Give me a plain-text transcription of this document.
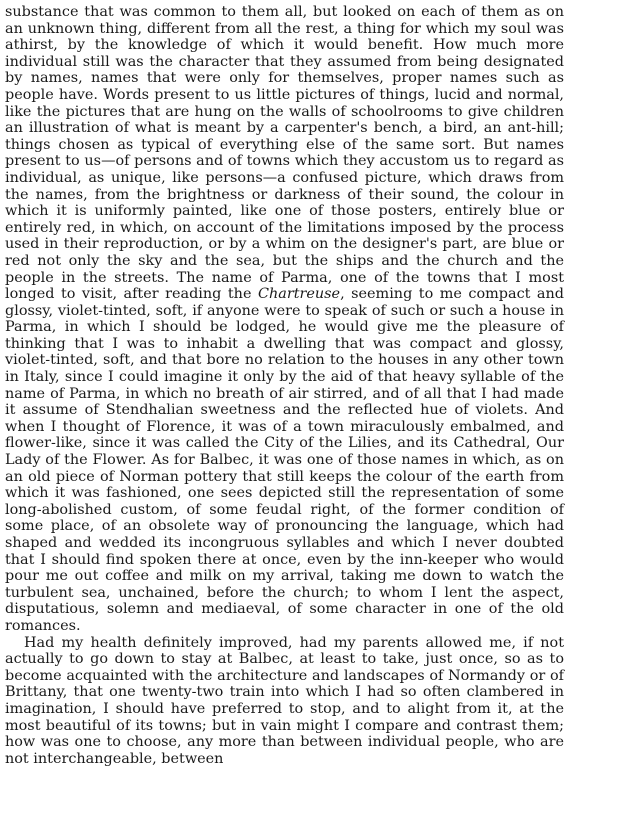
substance that was common to them all, but looked on each of them as on an unknown thing, different from all the rest, a thing for which my soul was athirst, by the knowledge of which it would benefit. How much more individual still was the character that they assumed from being designated by names, names that were only for themselves, proper names such as people have. Words present to us little pictures of things, lucid and normal, like the pictures that are hung on the walls of schoolrooms to give children an illustration of what is meant by a carpenter's bench, a bird, an ant-hill; things chosen as typical of everything else of the same sort. But names present to us—of persons and of towns which they accustom us to regard as individual, as unique, like persons—a confused picture, which draws from the names, from the brightness or darkness of their sound, the colour in which it is uniformly painted, like one of those posters, entirely blue or entirely red, in which, on account of the limitations imposed by the process used in their reproduction, or by a whim on the designer's part, are blue or red not only the sky and the sea, but the ships and the church and the people in the streets. The name of Parma, one of the towns that I most longed to visit, after reading the Chartreuse, seeming to me compact and glossy, violet-tinted, soft, if anyone were to speak of such or such a house in Parma, in which I should be lodged, he would give me the pleasure of thinking that I was to inhabit a dwelling that was compact and glossy, violet-tinted, soft, and that bore no relation to the houses in any other town in Italy, since I could imagine it only by the aid of that heavy syllable of the name of Parma, in which no breath of air stirred, and of all that I had made it assume of Stendhalian sweetness and the reflected hue of violets. And when I thought of Florence, it was of a town miraculously embalmed, and flower-like, since it was called the City of the Lilies, and its Cathedral, Our Lady of the Flower. As for Balbec, it was one of those names in which, as on an old piece of Norman pottery that still keeps the colour of the earth from which it was fashioned, one sees depicted still the representation of some long-abolished custom, of some feudal right, of the former condition of some place, of an obsolete way of pronouncing the language, which had shaped and wedded its incongruous syllables and which I never doubted that I should find spoken there at once, even by the inn-keeper who would pour me out coffee and milk on my arrival, taking me down to watch the turbulent sea, unchained, before the church; to whom I lent the aspect, disputatious, solemn and mediaeval, of some character in one of the old romances.

Had my health definitely improved, had my parents allowed me, if not actually to go down to stay at Balbec, at least to take, just once, so as to become acquainted with the architecture and landscapes of Normandy or of Brittany, that one twenty-two train into which I had so often clambered in imagination, I should have preferred to stop, and to alight from it, at the most beautiful of its towns; but in vain might I compare and contrast them; how was one to choose, any more than between individual people, who are not interchangeable, between
